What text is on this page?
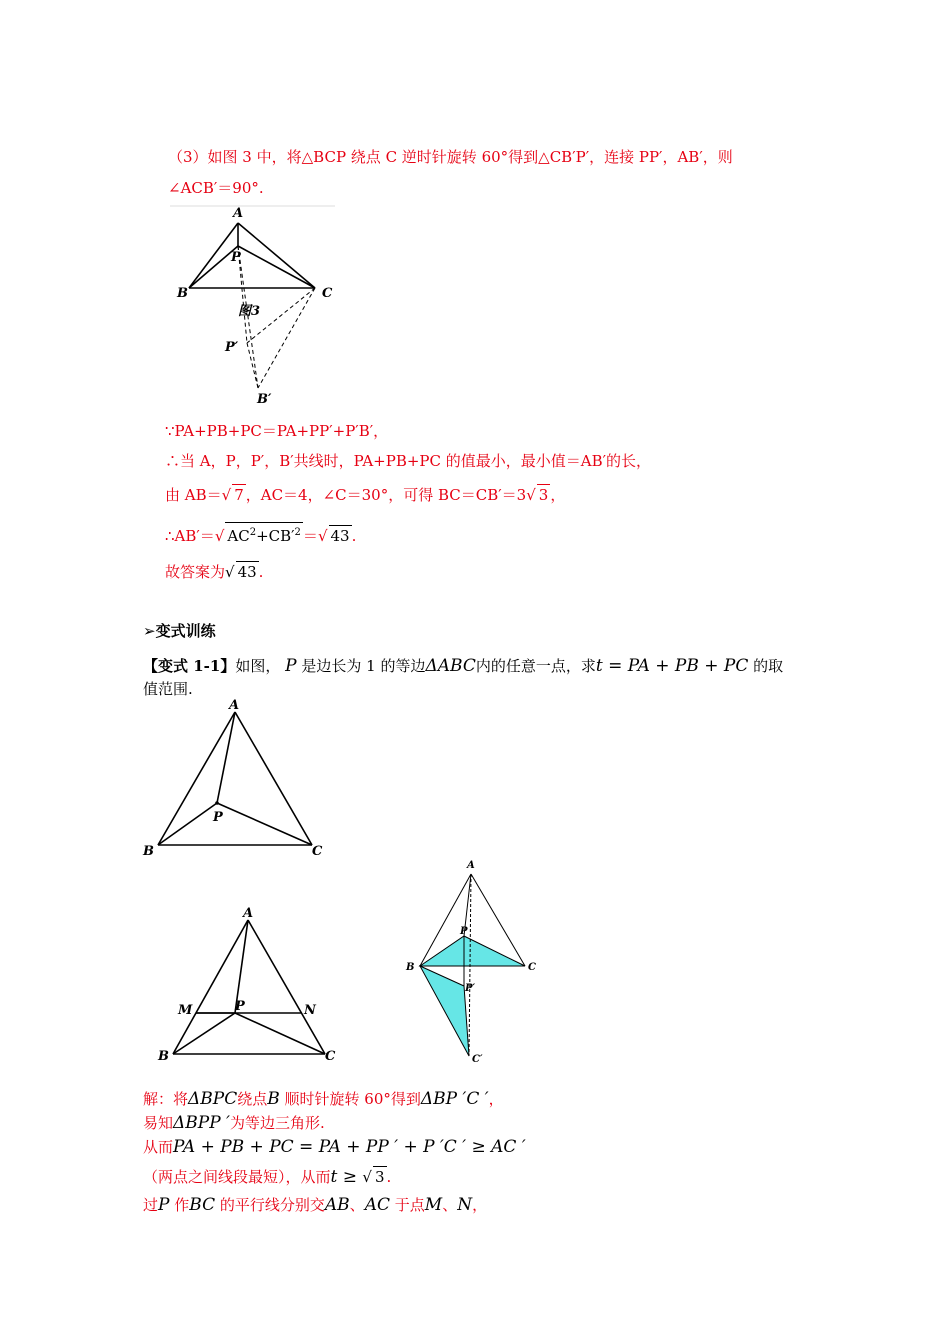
（3）如图 3 中，将△BCP 绕点 C 逆时针旋转 60°得到△CB′P′，连接 PP′，AB′，则
∠ACB′＝90°.
A
P
B	C
P′
B′
图3
∵PA+PB+PC＝PA+PP′+P′B′，
∴当 A，P，P′，B′共线时，PA+PB+PC 的值最小，最小值＝AB′的长，
由 AB＝√ 7 ，AC＝4，∠C＝30°，可得 BC＝CB′＝3√ 3 ，
∴AB′＝√ $AC^2+CB'^2$ ＝√ 43 .
故答案为√ 43 .
➢变式训练
【变式 1-1】如图， P 是边长为 1 的等边ΔABC内的任意一点，求t = PA + PB + PC 的取
值范围.
A
B	C
P
A
B	C
P
M	N
A
B	C
P
P′
C′
解：将ΔBPC绕点B 顺时针旋转 60°得到ΔBP ′C ′，
易知ΔBPP ′为等边三角形.
从而PA + PB + PC = PA + PP ′ + P ′C ′ ≥ AC ′
（两点之间线段最短），从而t ≥ √ 3 .
过P 作BC 的平行线分别交AB、AC 于点M、N，
